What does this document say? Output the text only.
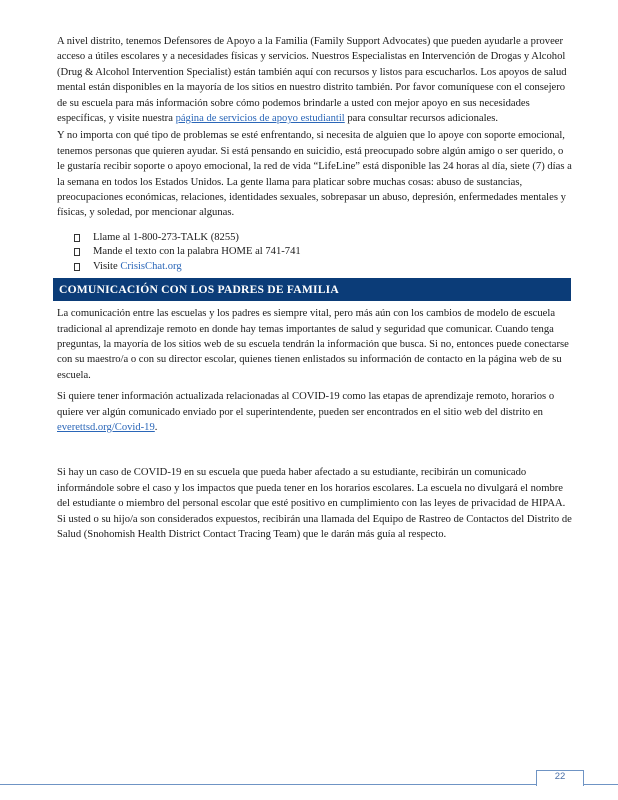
A nivel distrito, tenemos Defensores de Apoyo a la Familia (Family Support Advocates) que pueden ayudarle a proveer acceso a útiles escolares y a necesidades físicas y servicios. Nuestros Especialistas en Intervención de Drogas y Alcohol (Drug & Alcohol Intervention Specialist) están también aquí con recursos y listos para escucharlos. Los apoyos de salud mental están disponibles en la mayoría de los sitios en nuestro distrito también. Por favor comuníquese con el consejero de su escuela para más información sobre cómo podemos brindarle a usted con mejor apoyo en sus necesidades específicas, y visite nuestra página de servicios de apoyo estudiantil para consultar recursos adicionales.

Y no importa con qué tipo de problemas se esté enfrentando, si necesita de alguien que lo apoye con soporte emocional, tenemos personas que quieren ayudar. Si está pensando en suicidio, está preocupado sobre algún amigo o ser querido, o le gustaría recibir soporte o apoyo emocional, la red de vida “LifeLine” está disponible las 24 horas al día, siete (7) días a la semana en todos los Estados Unidos. La gente llama para platicar sobre muchas cosas: abuso de sustancias, preocupaciones económicas, relaciones, identidades sexuales, sobrepasar un abuso, depresión, enfermedades mentales y físicas, y soledad, por mencionar algunas.

Llame al 1-800-273-TALK (8255)
Mande el texto con la palabra HOME al 741-741
Visite CrisisChat.org
COMUNICACIÓN CON LOS PADRES DE FAMILIA

La comunicación entre las escuelas y los padres es siempre vital, pero más aún con los cambios de modelo de escuela tradicional al aprendizaje remoto en donde hay temas importantes de salud y seguridad que comunicar. Cuando tenga preguntas, la mayoría de los sitios web de su escuela tendrán la información que busca. Si no, entonces puede conectarse con su maestro/a o con su director escolar, quienes tienen enlistados su información de contacto en la página web de su escuela.

Si quiere tener información actualizada relacionadas al COVID-19 como las etapas de aprendizaje remoto, horarios o quiere ver algún comunicado enviado por el superintendente, pueden ser encontrados en el sitio web del distrito en everettsd.org/Covid-19.

Si hay un caso de COVID-19 en su escuela que pueda haber afectado a su estudiante, recibirán un comunicado informándole sobre el caso y los impactos que pueda tener en los horarios escolares. La escuela no divulgará el nombre del estudiante o miembro del personal escolar que esté positivo en cumplimiento con las leyes de privacidad de HIPAA. Si usted o su hijo/a son considerados expuestos, recibirán una llamada del Equipo de Rastreo de Contactos del Distrito de Salud (Snohomish Health District Contact Tracing Team) que le darán más guía al respecto.

22
